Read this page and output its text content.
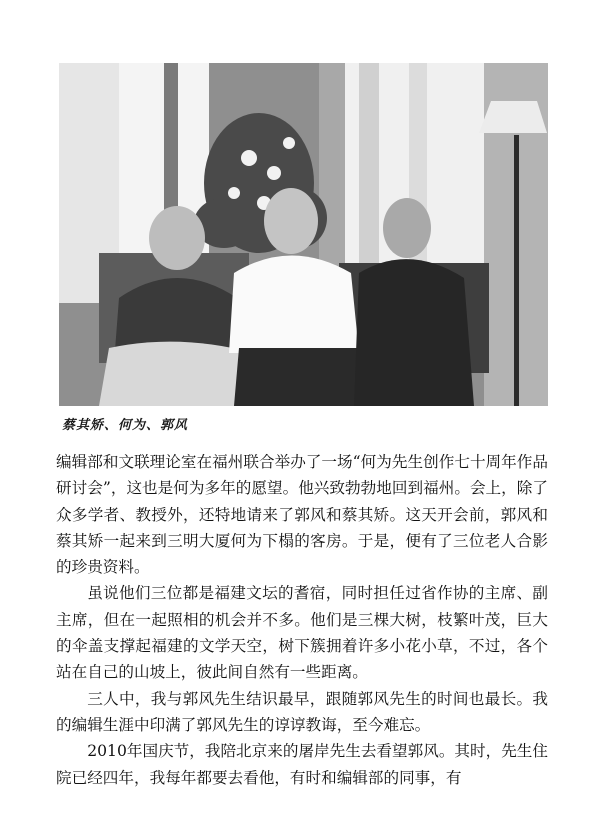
蔡其矫、何为、郭风

编辑部和文联理论室在福州联合举办了一场“何为先生创作七十周年作品研讨会”，这也是何为多年的愿望。他兴致勃勃地回到福州。会上，除了众多学者、教授外，还特地请来了郭风和蔡其矫。这天开会前，郭风和蔡其矫一起来到三明大厦何为下榻的客房。于是，便有了三位老人合影的珍贵资料。

虽说他们三位都是福建文坛的耆宿，同时担任过省作协的主席、副主席，但在一起照相的机会并不多。他们是三棵大树，枝繁叶茂，巨大的伞盖支撑起福建的文学天空，树下簇拥着许多小花小草，不过，各个站在自己的山坡上，彼此间自然有一些距离。

三人中，我与郭风先生结识最早，跟随郭风先生的时间也最长。我的编辑生涯中印满了郭风先生的谆谆教诲，至今难忘。

2010年国庆节，我陪北京来的屠岸先生去看望郭风。其时，先生住院已经四年，我每年都要去看他，有时和编辑部的同事，有
